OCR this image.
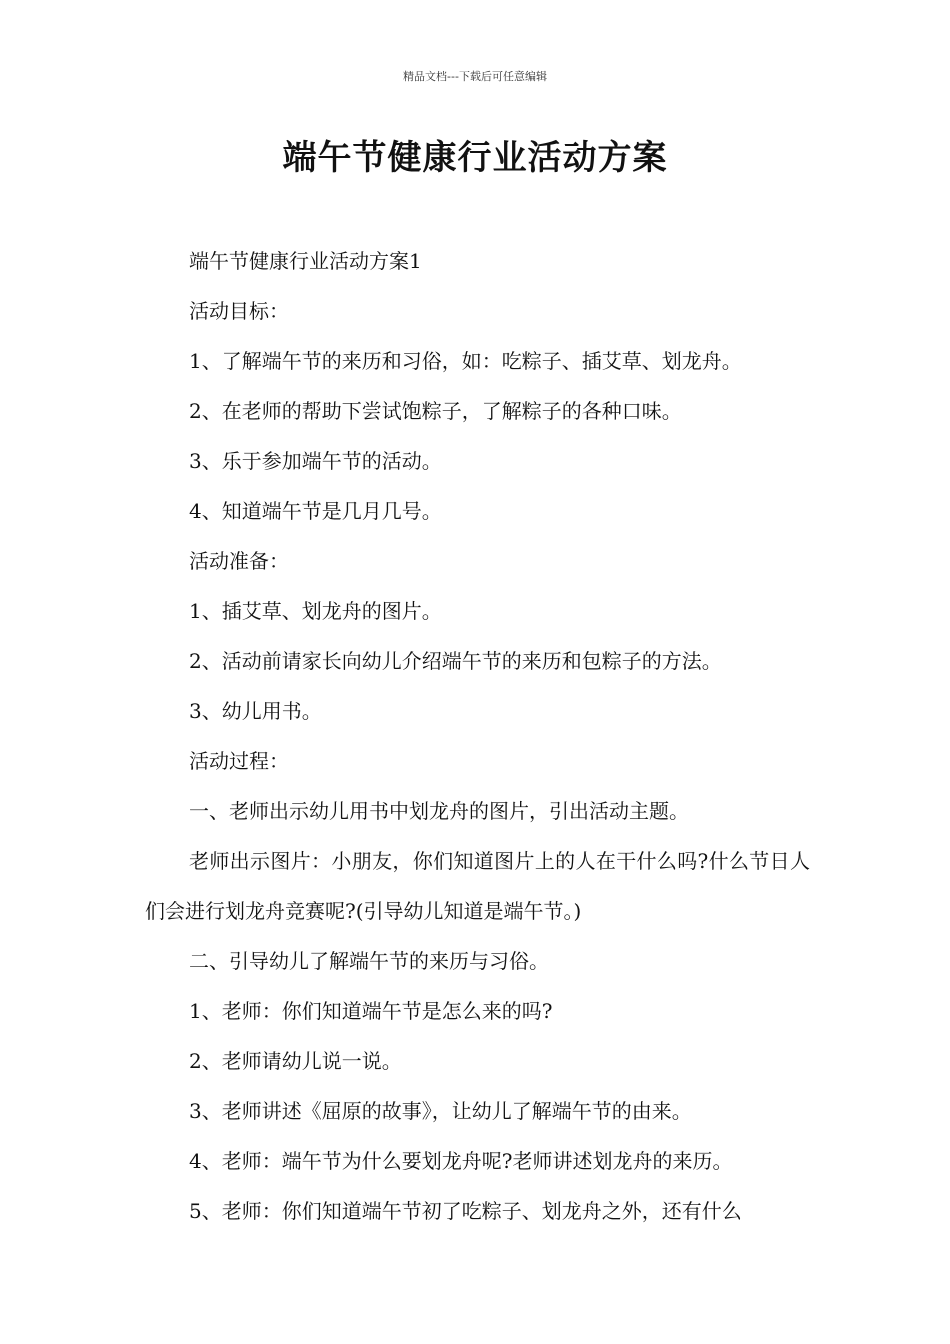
精品文档---下载后可任意编辑
端午节健康行业活动方案

端午节健康行业活动方案1

活动目标：

1、了解端午节的来历和习俗，如：吃粽子、插艾草、划龙舟。

2、在老师的帮助下尝试饱粽子，了解粽子的各种口味。

3、乐于参加端午节的活动。

4、知道端午节是几月几号。

活动准备：

1、插艾草、划龙舟的图片。

2、活动前请家长向幼儿介绍端午节的来历和包粽子的方法。

3、幼儿用书。

活动过程：

一、老师出示幼儿用书中划龙舟的图片，引出活动主题。

老师出示图片：小朋友，你们知道图片上的人在干什么吗?什么节日人们会进行划龙舟竞赛呢?(引导幼儿知道是端午节。)

二、引导幼儿了解端午节的来历与习俗。

1、老师：你们知道端午节是怎么来的吗?

2、老师请幼儿说一说。

3、老师讲述《屈原的故事》，让幼儿了解端午节的由来。

4、老师：端午节为什么要划龙舟呢?老师讲述划龙舟的来历。

5、老师：你们知道端午节初了吃粽子、划龙舟之外，还有什么
